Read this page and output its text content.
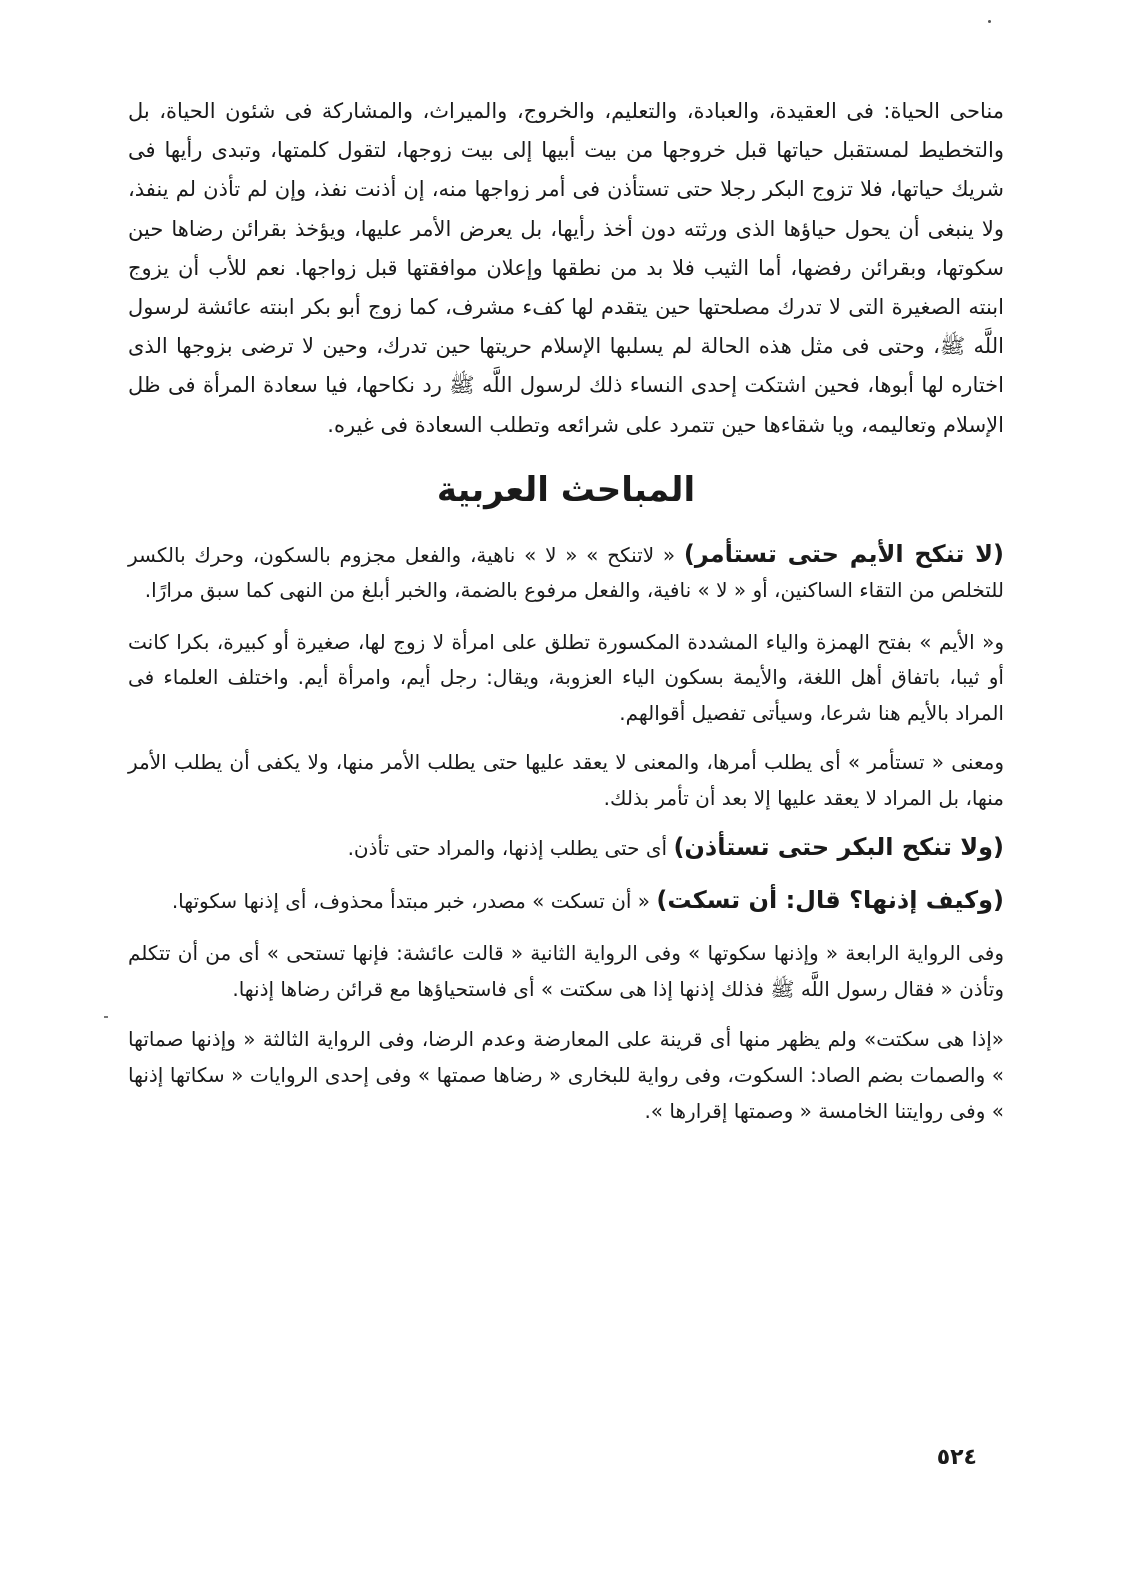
مناحى الحياة: فى العقيدة، والعبادة، والتعليم، والخروج، والميراث، والمشاركة فى شئون الحياة، بل والتخطيط لمستقبل حياتها قبل خروجها من بيت أبيها إلى بيت زوجها، لتقول كلمتها، وتبدى رأيها فى شريك حياتها، فلا تزوج البكر رجلا حتى تستأذن فى أمر زواجها منه، إن أذنت نفذ، وإن لم تأذن لم ينفذ، ولا ينبغى أن يحول حياؤها الذى ورثته دون أخذ رأيها، بل يعرض الأمر عليها، ويؤخذ بقرائن رضاها حين سكوتها، وبقرائن رفضها، أما الثيب فلا بد من نطقها وإعلان موافقتها قبل زواجها. نعم للأب أن يزوج ابنته الصغيرة التى لا تدرك مصلحتها حين يتقدم لها كفء مشرف، كما زوج أبو بكر ابنته عائشة لرسول اللَّه ﷺ، وحتى فى مثل هذه الحالة لم يسلبها الإسلام حريتها حين تدرك، وحين لا ترضى بزوجها الذى اختاره لها أبوها، فحين اشتكت إحدى النساء ذلك لرسول اللَّه ﷺ رد نكاحها، فيا سعادة المرأة فى ظل الإسلام وتعاليمه، ويا شقاءها حين تتمرد على شرائعه وتطلب السعادة فى غيره.

المباحث العربية

(لا تنكح الأيم حتى تستأمر) « لاتنكح » « لا » ناهية، والفعل مجزوم بالسكون، وحرك بالكسر للتخلص من التقاء الساكنين، أو « لا » نافية، والفعل مرفوع بالضمة، والخبر أبلغ من النهى كما سبق مرارًا.

و« الأيم » بفتح الهمزة والياء المشددة المكسورة تطلق على امرأة لا زوج لها، صغيرة أو كبيرة، بكرا كانت أو ثيبا، باتفاق أهل اللغة، والأيمة بسكون الياء العزوبة، ويقال: رجل أيم، وامرأة أيم. واختلف العلماء فى المراد بالأيم هنا شرعا، وسيأتى تفصيل أقوالهم.

ومعنى « تستأمر » أى يطلب أمرها، والمعنى لا يعقد عليها حتى يطلب الأمر منها، ولا يكفى أن يطلب الأمر منها، بل المراد لا يعقد عليها إلا بعد أن تأمر بذلك.

(ولا تنكح البكر حتى تستأذن) أى حتى يطلب إذنها، والمراد حتى تأذن.

(وكيف إذنها؟ قال: أن تسكت) « أن تسكت » مصدر، خبر مبتدأ محذوف، أى إذنها سكوتها.

وفى الرواية الرابعة « وإذنها سكوتها » وفى الرواية الثانية « قالت عائشة: فإنها تستحى » أى من أن تتكلم وتأذن « فقال رسول اللَّه ﷺ فذلك إذنها إذا هى سكتت » أى فاستحياؤها مع قرائن رضاها إذنها.

«إذا هى سكتت» ولم يظهر منها أى قرينة على المعارضة وعدم الرضا، وفى الرواية الثالثة « وإذنها صماتها » والصمات بضم الصاد: السكوت، وفى رواية للبخارى « رضاها صمتها » وفى إحدى الروايات « سكاتها إذنها » وفى روايتنا الخامسة « وصمتها إقرارها ».

٥٢٤
